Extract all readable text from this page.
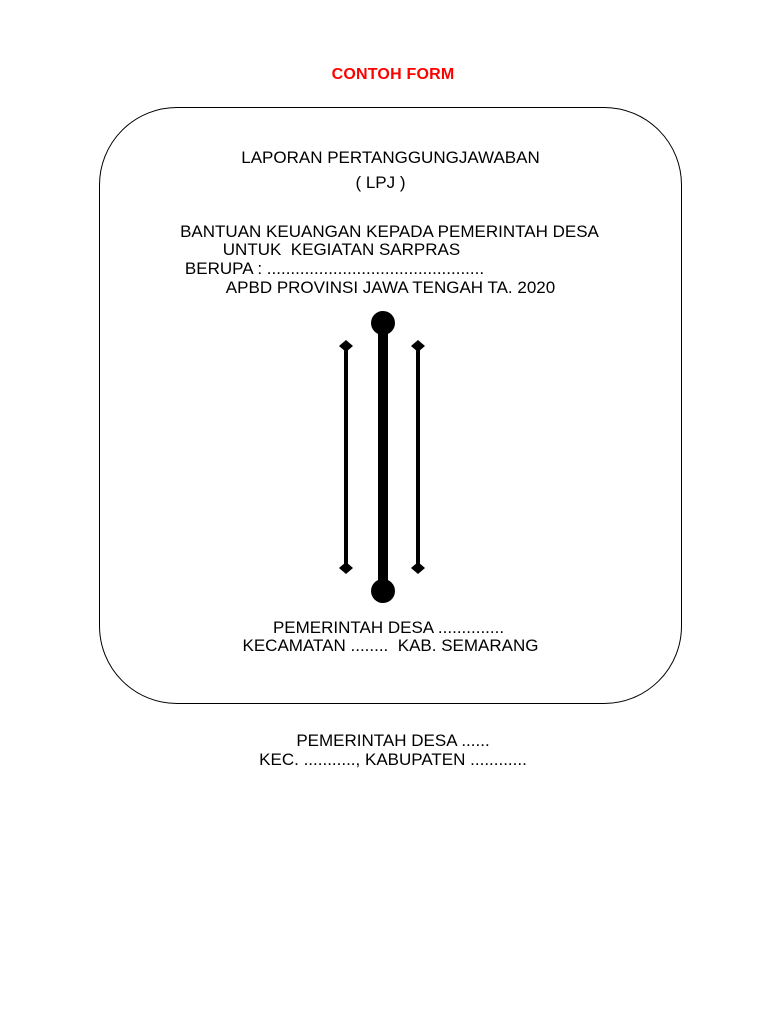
CONTOH FORM
LAPORAN PERTANGGUNGJAWABAN
( LPJ )
BANTUAN KEUANGAN KEPADA PEMERINTAH DESA
UNTUK  KEGIATAN SARPRAS
BERUPA : ..............................................
APBD PROVINSI JAWA TENGAH TA. 2020
PEMERINTAH DESA ..............
KECAMATAN ........  KAB. SEMARANG
PEMERINTAH DESA ......
KEC. ..........., KABUPATEN ............
